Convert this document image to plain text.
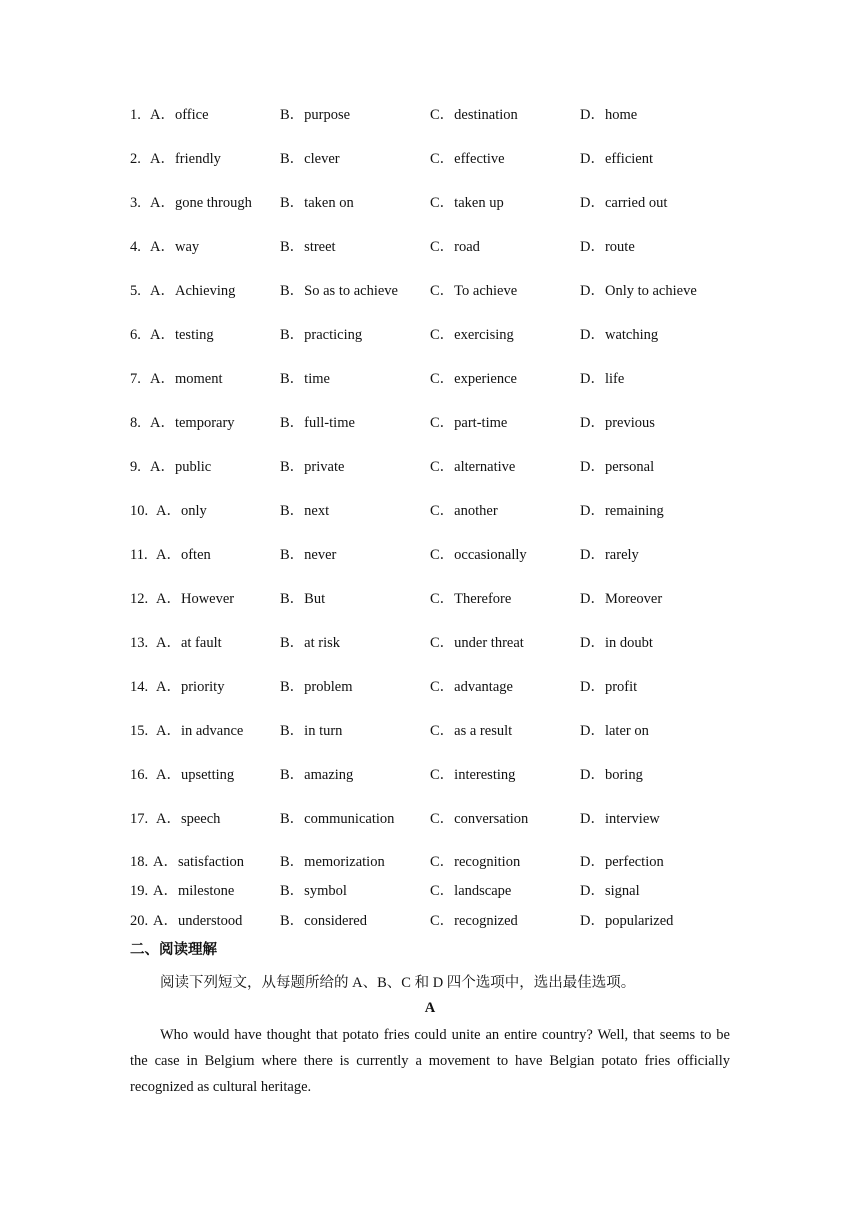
1. A．office	B．purpose	C．destination	D．home
2. A．friendly	B．clever	C．effective	D．efficient
3. A．gone through B．taken on	C．taken up	D．carried out
4. A．way	B．street	C．road	D．route
5. A．Achieving	B．So as to achieve C．To achieve	D．Only to achieve
6. A．testing	B．practicing	C．exercising	D．watching
7. A．moment	B．time	C．experience	D．life
8. A．temporary	B．full-time	C．part-time	D．previous
9. A．public	B．private	C．alternative	D．personal
10. A．only	B．next	C．another	D．remaining
11. A．often	B．never	C．occasionally	D．rarely
12. A．However	B．But	C．Therefore	D．Moreover
13. A．at fault	B．at risk	C．under threat	D．in doubt
14. A．priority	B．problem	C．advantage	D．profit
15. A．in advance	B．in turn	C．as a result	D．later on
16. A．upsetting	B．amazing	C．interesting	D．boring
17. A．speech	B．communication C．conversation	D．interview
18. A．satisfaction B．memorization	C．recognition	D．perfection
19. A．milestone	B．symbol	C．landscape	D．signal
20. A．understood	B．considered	C．recognized	D．popularized
二、阅读理解
阅读下列短文，从每题所给的 A、B、C 和 D 四个选项中，选出最佳选项。
A
Who would have thought that potato fries could unite an entire country? Well, that seems to be the case in Belgium where there is currently a movement to have Belgian potato fries officially recognized as cultural heritage.
